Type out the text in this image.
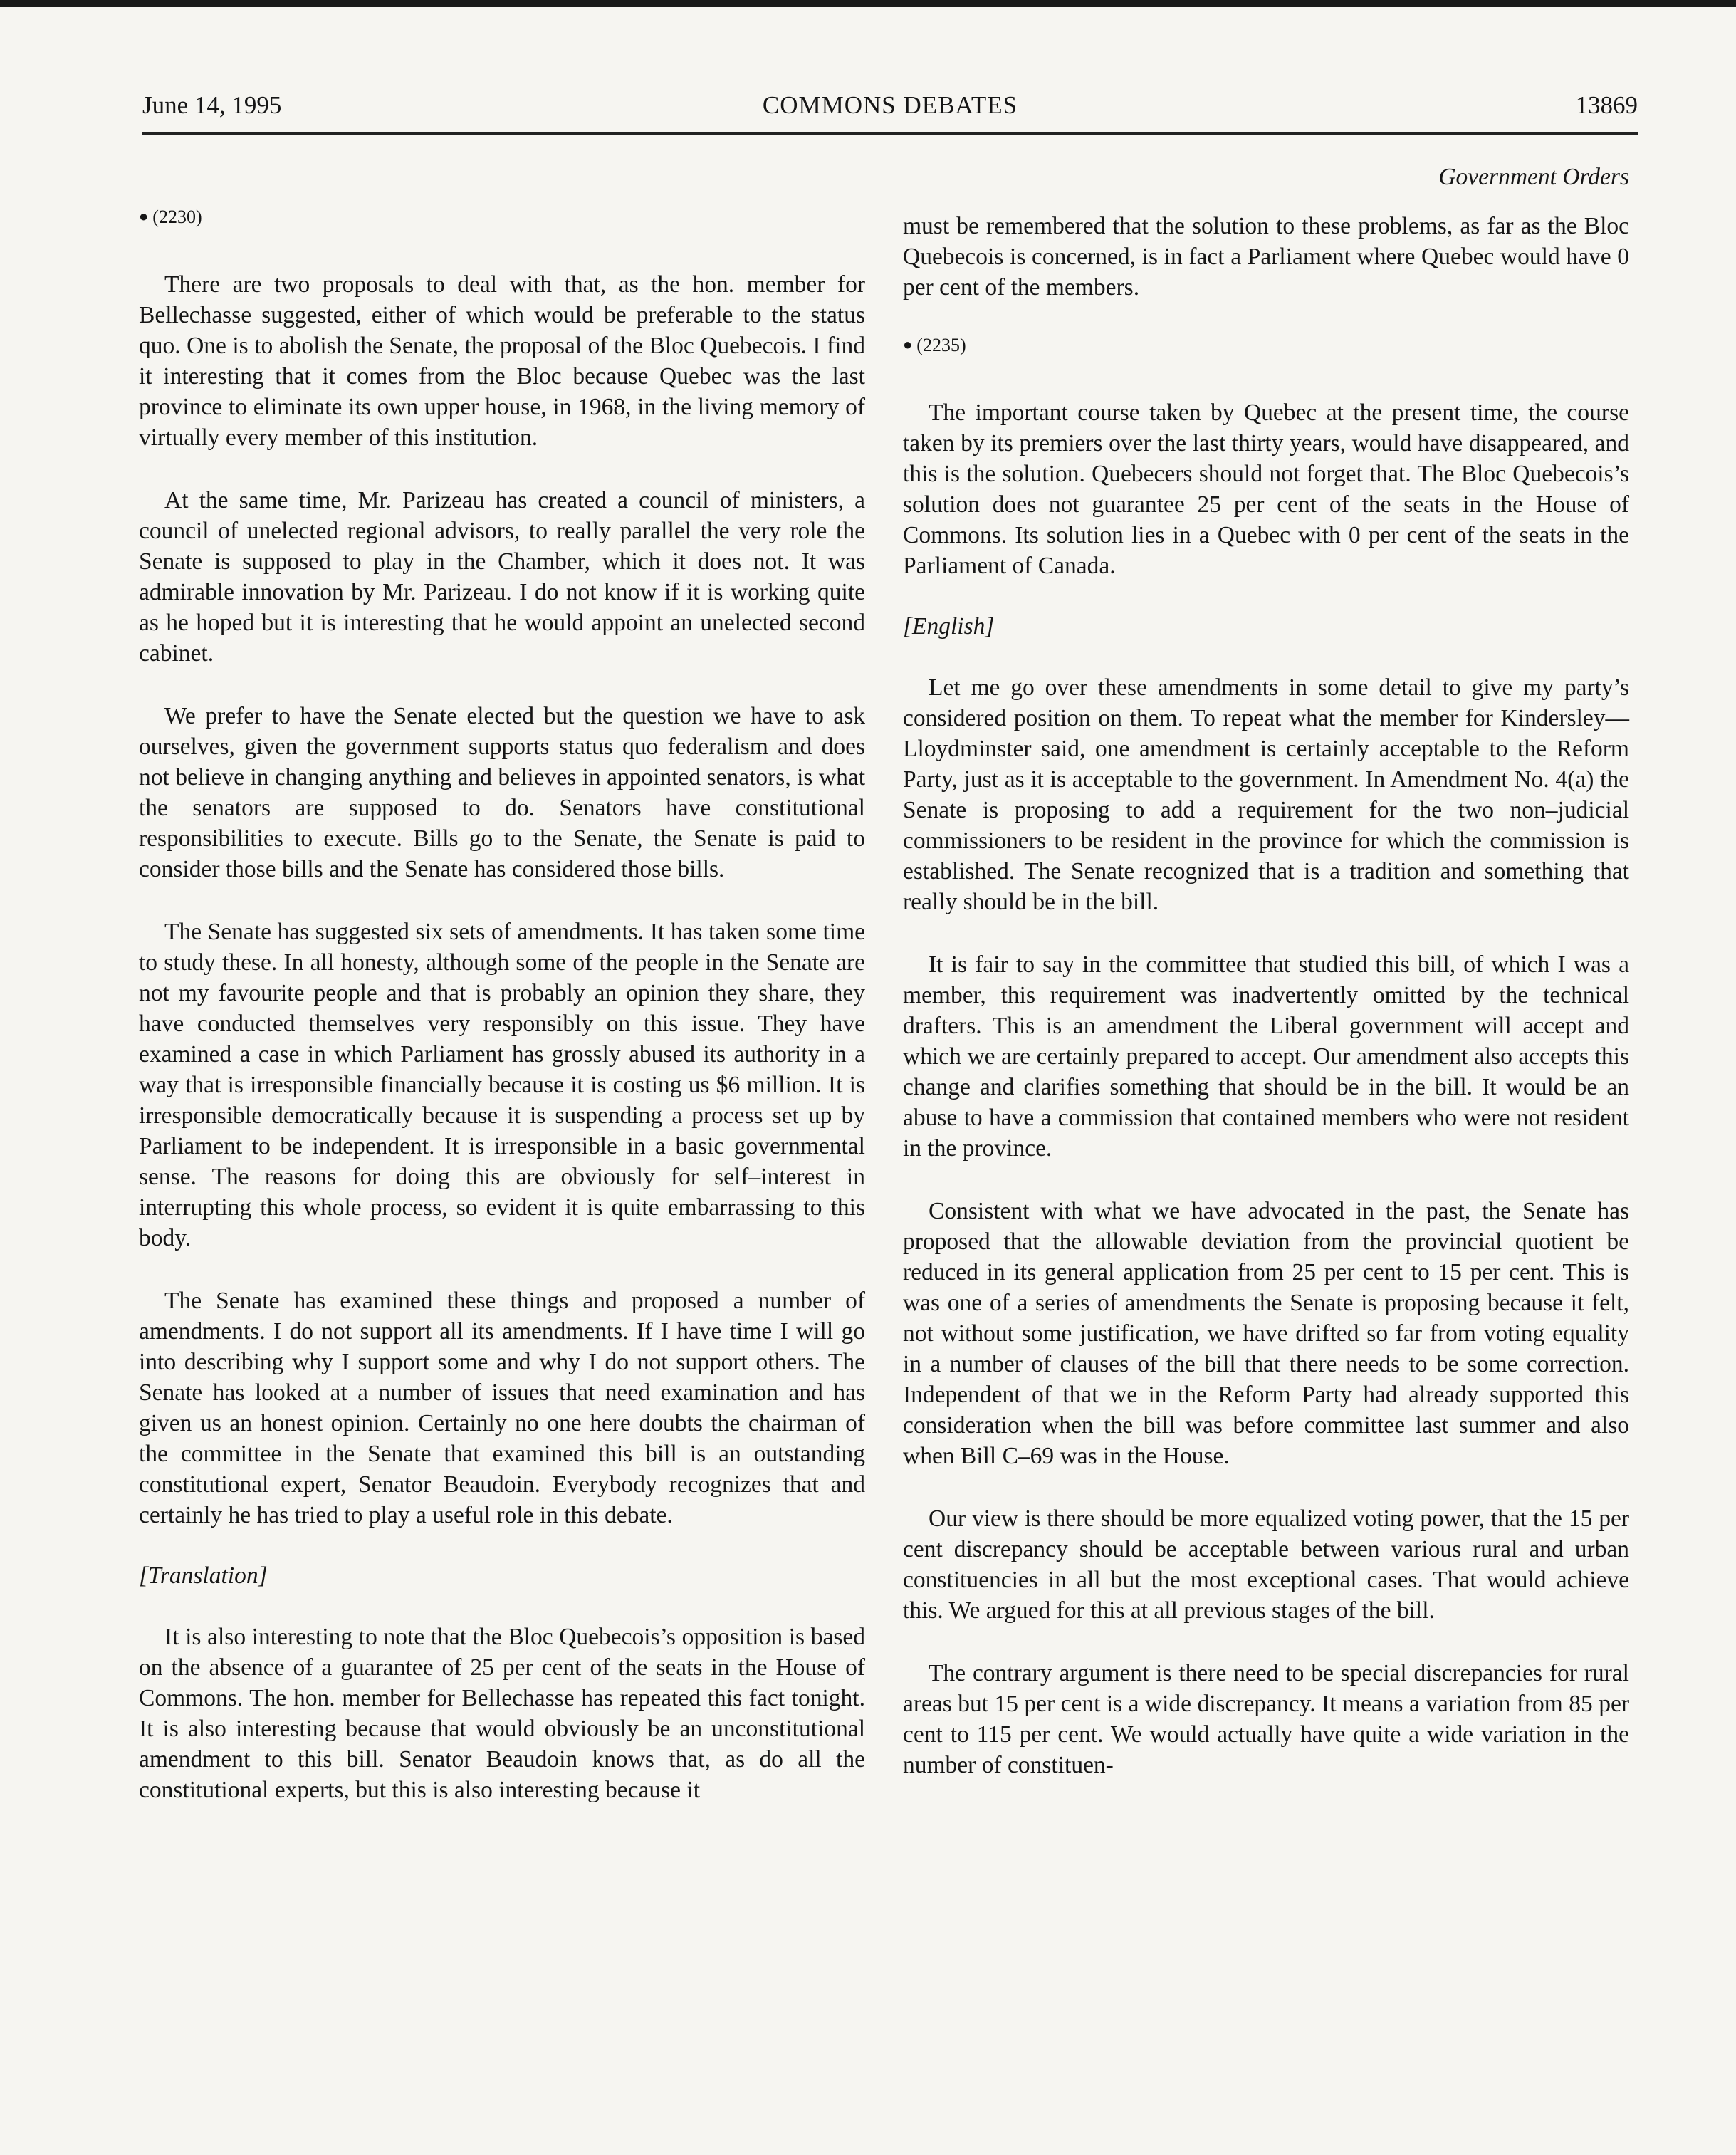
June 14, 1995	COMMONS DEBATES	13869
● (2230)

There are two proposals to deal with that, as the hon. member for Bellechasse suggested, either of which would be preferable to the status quo. One is to abolish the Senate, the proposal of the Bloc Quebecois. I find it interesting that it comes from the Bloc because Quebec was the last province to eliminate its own upper house, in 1968, in the living memory of virtually every member of this institution.

At the same time, Mr. Parizeau has created a council of ministers, a council of unelected regional advisors, to really parallel the very role the Senate is supposed to play in the Chamber, which it does not. It was admirable innovation by Mr. Parizeau. I do not know if it is working quite as he hoped but it is interesting that he would appoint an unelected second cabinet.

We prefer to have the Senate elected but the question we have to ask ourselves, given the government supports status quo federalism and does not believe in changing anything and believes in appointed senators, is what the senators are supposed to do. Senators have constitutional responsibilities to execute. Bills go to the Senate, the Senate is paid to consider those bills and the Senate has considered those bills.

The Senate has suggested six sets of amendments. It has taken some time to study these. In all honesty, although some of the people in the Senate are not my favourite people and that is probably an opinion they share, they have conducted themselves very responsibly on this issue. They have examined a case in which Parliament has grossly abused its authority in a way that is irresponsible financially because it is costing us $6 million. It is irresponsible democratically because it is suspending a process set up by Parliament to be independent. It is irresponsible in a basic governmental sense. The reasons for doing this are obviously for self–interest in interrupting this whole process, so evident it is quite embarrassing to this body.

The Senate has examined these things and proposed a number of amendments. I do not support all its amendments. If I have time I will go into describing why I support some and why I do not support others. The Senate has looked at a number of issues that need examination and has given us an honest opinion. Certainly no one here doubts the chairman of the committee in the Senate that examined this bill is an outstanding constitutional expert, Senator Beaudoin. Everybody recognizes that and certainly he has tried to play a useful role in this debate.

[Translation]

It is also interesting to note that the Bloc Quebecois’s opposition is based on the absence of a guarantee of 25 per cent of the seats in the House of Commons. The hon. member for Bellechasse has repeated this fact tonight. It is also interesting because that would obviously be an unconstitutional amendment to this bill. Senator Beaudoin knows that, as do all the constitutional experts, but this is also interesting because it

Government Orders

must be remembered that the solution to these problems, as far as the Bloc Quebecois is concerned, is in fact a Parliament where Quebec would have 0 per cent of the members.

● (2235)

The important course taken by Quebec at the present time, the course taken by its premiers over the last thirty years, would have disappeared, and this is the solution. Quebecers should not forget that. The Bloc Quebecois’s solution does not guarantee 25 per cent of the seats in the House of Commons. Its solution lies in a Quebec with 0 per cent of the seats in the Parliament of Canada.

[English]

Let me go over these amendments in some detail to give my party’s considered position on them. To repeat what the member for Kindersley—Lloydminster said, one amendment is certainly acceptable to the Reform Party, just as it is acceptable to the government. In Amendment No. 4(a) the Senate is proposing to add a requirement for the two non–judicial commissioners to be resident in the province for which the commission is established. The Senate recognized that is a tradition and something that really should be in the bill.

It is fair to say in the committee that studied this bill, of which I was a member, this requirement was inadvertently omitted by the technical drafters. This is an amendment the Liberal government will accept and which we are certainly prepared to accept. Our amendment also accepts this change and clarifies something that should be in the bill. It would be an abuse to have a commission that contained members who were not resident in the province.

Consistent with what we have advocated in the past, the Senate has proposed that the allowable deviation from the provincial quotient be reduced in its general application from 25 per cent to 15 per cent. This is was one of a series of amendments the Senate is proposing because it felt, not without some justification, we have drifted so far from voting equality in a number of clauses of the bill that there needs to be some correction. Independent of that we in the Reform Party had already supported this consideration when the bill was before committee last summer and also when Bill C–69 was in the House.

Our view is there should be more equalized voting power, that the 15 per cent discrepancy should be acceptable between various rural and urban constituencies in all but the most exceptional cases. That would achieve this. We argued for this at all previous stages of the bill.

The contrary argument is there need to be special discrepancies for rural areas but 15 per cent is a wide discrepancy. It means a variation from 85 per cent to 115 per cent. We would actually have quite a wide variation in the number of constituen-
